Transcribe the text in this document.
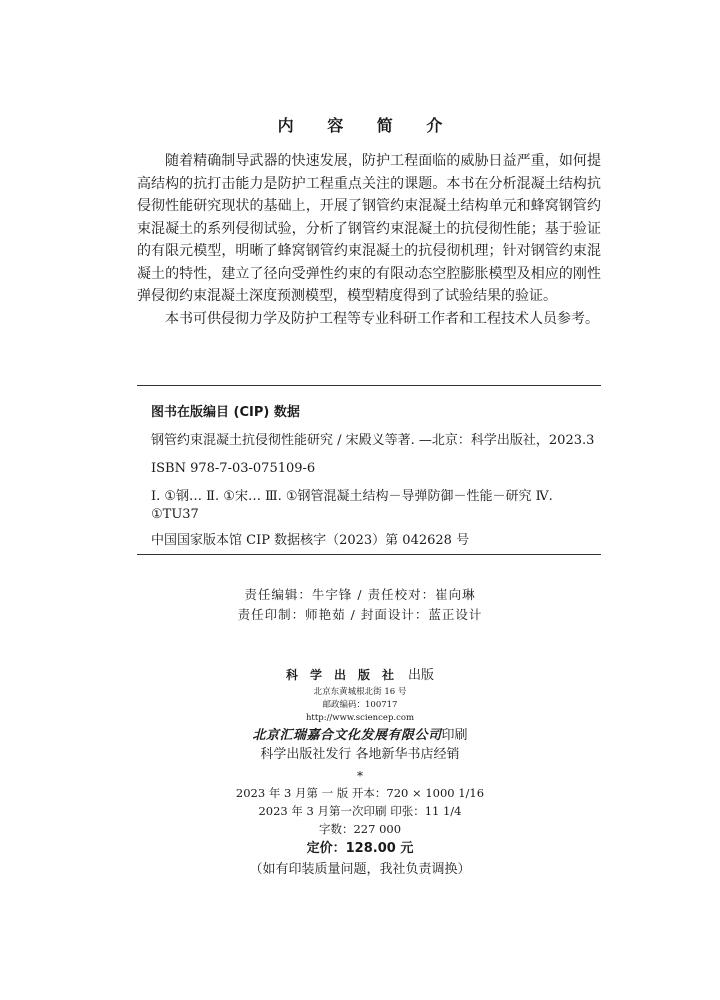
内 容 简 介

随着精确制导武器的快速发展，防护工程面临的威胁日益严重，如何提高结构的抗打击能力是防护工程重点关注的课题。本书在分析混凝土结构抗侵彻性能研究现状的基础上，开展了钢管约束混凝土结构单元和蜂窝钢管约束混凝土的系列侵彻试验，分析了钢管约束混凝土的抗侵彻性能；基于验证的有限元模型，明晰了蜂窝钢管约束混凝土的抗侵彻机理；针对钢管约束混凝土的特性，建立了径向受弹性约束的有限动态空腔膨胀模型及相应的刚性弹侵彻约束混凝土深度预测模型，模型精度得到了试验结果的验证。

本书可供侵彻力学及防护工程等专业科研工作者和工程技术人员参考。

图书在版编目 (CIP) 数据
钢管约束混凝土抗侵彻性能研究 / 宋殿义等著. —北京：科学出版社，2023.3
ISBN 978-7-03-075109-6
Ⅰ. ①钢… Ⅱ. ①宋… Ⅲ. ①钢管混凝土结构－导弹防御－性能－研究 Ⅳ. ①TU37
中国国家版本馆 CIP 数据核字（2023）第 042628 号
责任编辑：牛宇锋 / 责任校对：崔向琳
责任印制：师艳茹 / 封面设计：蓝正设计
科学出版社 出版
北京东黄城根北街 16 号
邮政编码：100717
http://www.sciencep.com
北京汇瑞嘉合文化发展有限公司印刷
科学出版社发行 各地新华书店经销
*
2023 年 3 月第 一 版 开本：720 × 1000 1/16
2023 年 3 月第一次印刷 印张：11 1/4
字数：227 000
定价：128.00 元
（如有印装质量问题，我社负责调换）
